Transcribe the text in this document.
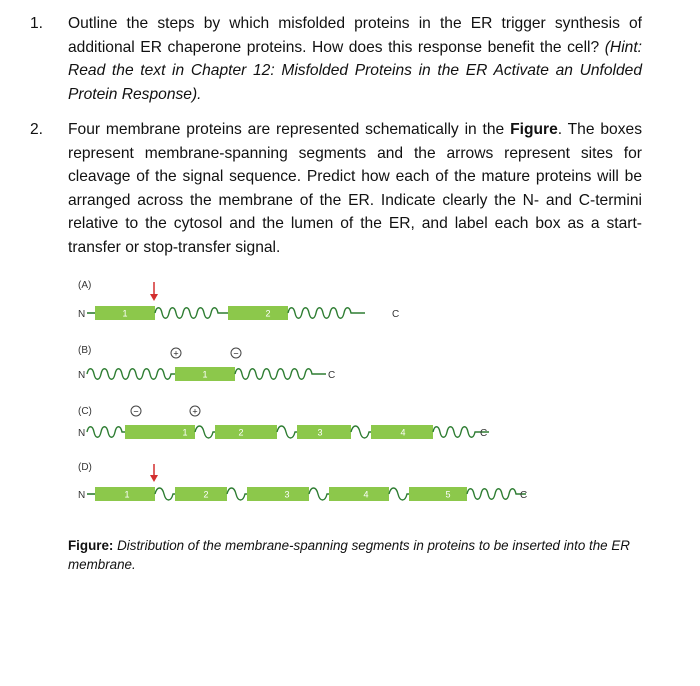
1. Outline the steps by which misfolded proteins in the ER trigger synthesis of additional ER chaperone proteins. How does this response benefit the cell? (Hint: Read the text in Chapter 12: Misfolded Proteins in the ER Activate an Unfolded Protein Response).
2. Four membrane proteins are represented schematically in the Figure. The boxes represent membrane-spanning segments and the arrows represent sites for cleavage of the signal sequence. Predict how each of the mature proteins will be arranged across the membrane of the ER. Indicate clearly the N- and C-termini relative to the cytosol and the lumen of the ER, and label each box as a start-transfer or stop-transfer signal.
(A)
N	1	2	C
(B)
N	1	C
+	−
(C)
N	1	2	3	4	C
−	+
(D)
N	1	2	3	4	5	C
Figure: Distribution of the membrane-spanning segments in proteins to be inserted into the ER membrane.
